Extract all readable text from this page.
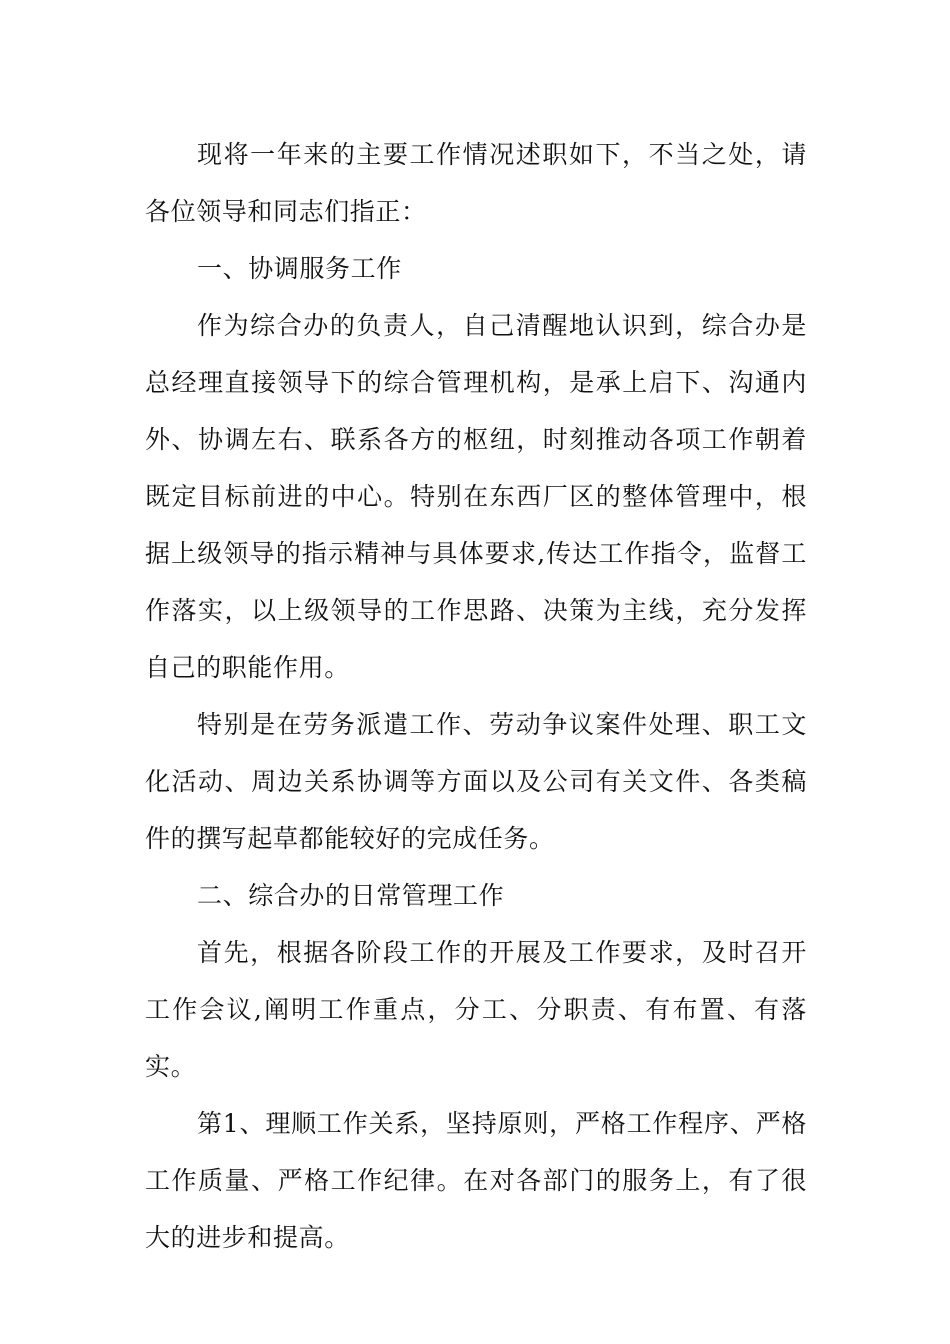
现将一年来的主要工作情况述职如下，不当之处，请各位领导和同志们指正：

一、协调服务工作

作为综合办的负责人，自己清醒地认识到，综合办是总经理直接领导下的综合管理机构，是承上启下、沟通内外、协调左右、联系各方的枢纽，时刻推动各项工作朝着既定目标前进的中心。特别在东西厂区的整体管理中，根据上级领导的指示精神与具体要求,传达工作指令，监督工作落实，以上级领导的工作思路、决策为主线，充分发挥自己的职能作用。

特别是在劳务派遣工作、劳动争议案件处理、职工文化活动、周边关系协调等方面以及公司有关文件、各类稿件的撰写起草都能较好的完成任务。

二、综合办的日常管理工作

首先，根据各阶段工作的开展及工作要求，及时召开工作会议,阐明工作重点，分工、分职责、有布置、有落实。

第1、理顺工作关系，坚持原则，严格工作程序、严格工作质量、严格工作纪律。在对各部门的服务上，有了很大的进步和提高。
